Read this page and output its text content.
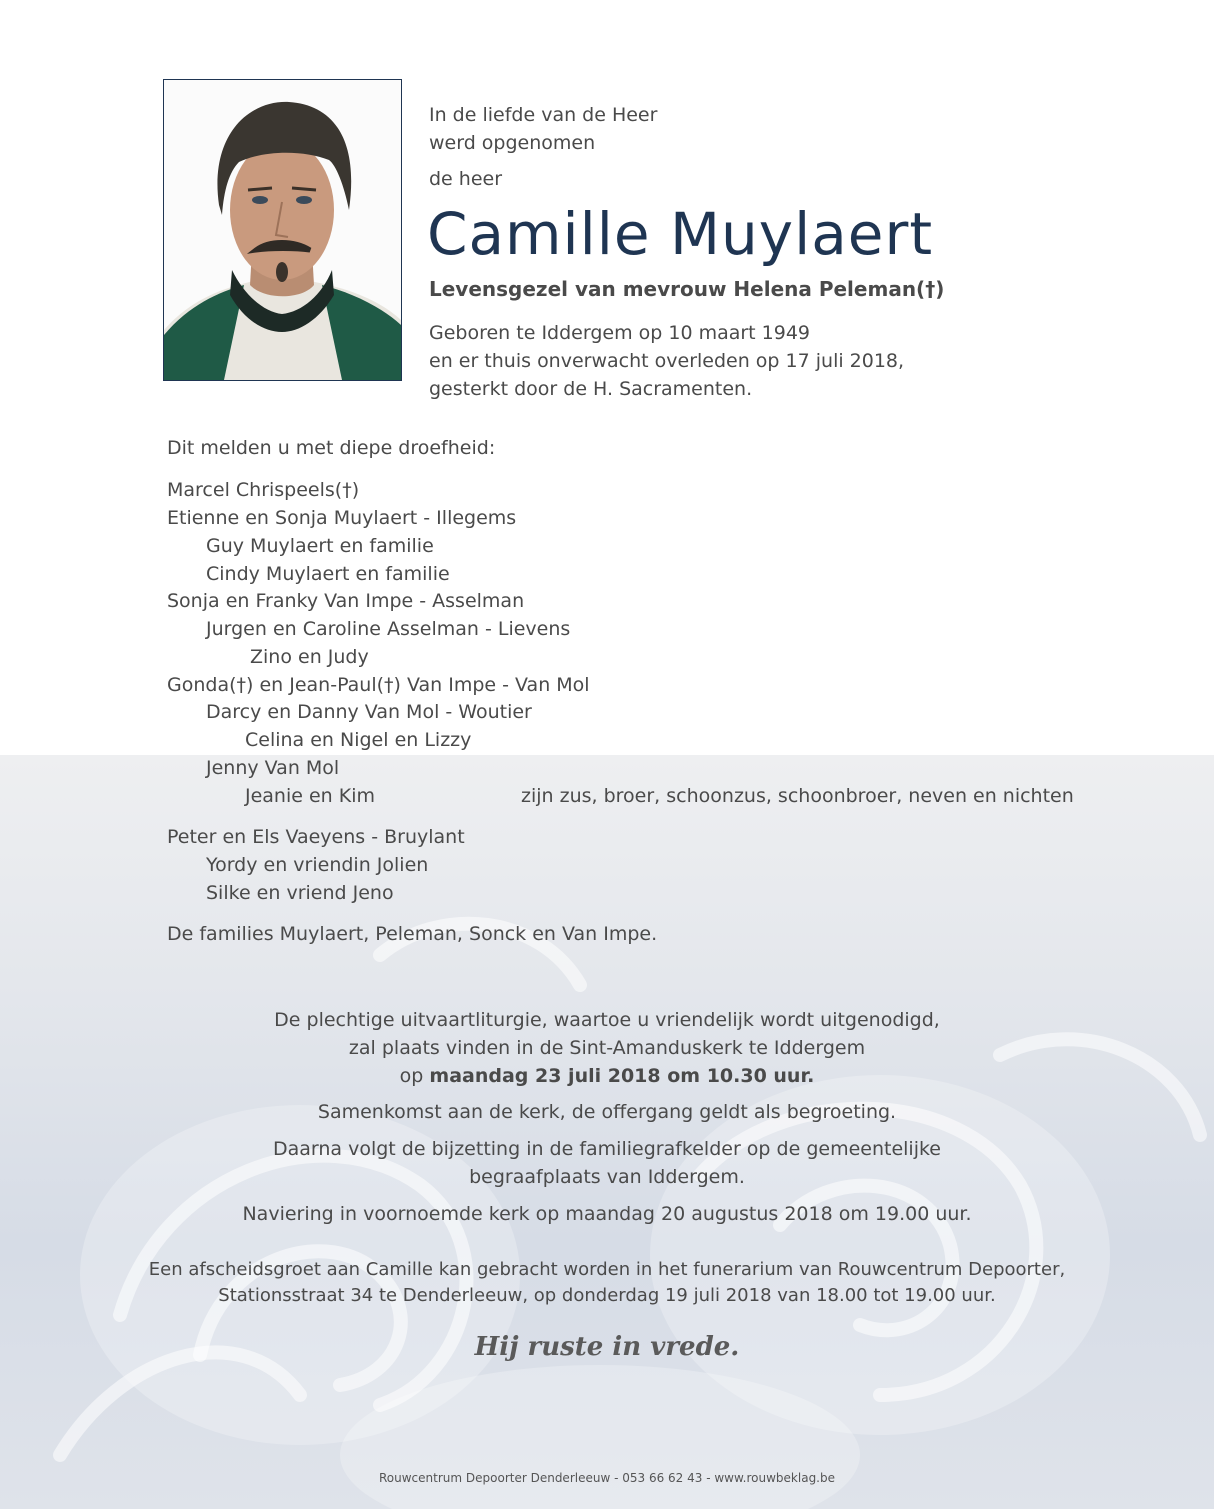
In de liefde van de Heer
werd opgenomen
de heer
Camille Muylaert
Levensgezel van mevrouw Helena Peleman(†)
Geboren te Iddergem op 10 maart 1949
en er thuis onverwacht overleden op 17 juli 2018,
gesterkt door de H. Sacramenten.
Dit melden u met diepe droefheid:
Marcel Chrispeels(†)
Etienne en Sonja Muylaert - Illegems
Guy Muylaert en familie
Cindy Muylaert en familie
Sonja en Franky Van Impe - Asselman
Jurgen en Caroline Asselman - Lievens
Zino en Judy
Gonda(†) en Jean-Paul(†) Van Impe - Van Mol
Darcy en Danny Van Mol - Woutier
Celina en Nigel en Lizzy
Jenny Van Mol
Jeanie en Kim	zijn zus, broer, schoonzus, schoonbroer, neven en nichten
Peter en Els Vaeyens - Bruylant
Yordy en vriendin Jolien
Silke en vriend Jeno
De families Muylaert, Peleman, Sonck en Van Impe.
De plechtige uitvaartliturgie, waartoe u vriendelijk wordt uitgenodigd,
zal plaats vinden in de Sint-Amanduskerk te Iddergem
op maandag 23 juli 2018 om 10.30 uur.
Samenkomst aan de kerk, de offergang geldt als begroeting.
Daarna volgt de bijzetting in de familiegrafkelder op de gemeentelijke
begraafplaats van Iddergem.
Naviering in voornoemde kerk op maandag 20 augustus 2018 om 19.00 uur.
Een afscheidsgroet aan Camille kan gebracht worden in het funerarium van Rouwcentrum Depoorter,
Stationsstraat 34 te Denderleeuw, op donderdag 19 juli 2018 van 18.00 tot 19.00 uur.
Hij ruste in vrede.
Rouwcentrum Depoorter Denderleeuw - 053 66 62 43 - www.rouwbeklag.be
